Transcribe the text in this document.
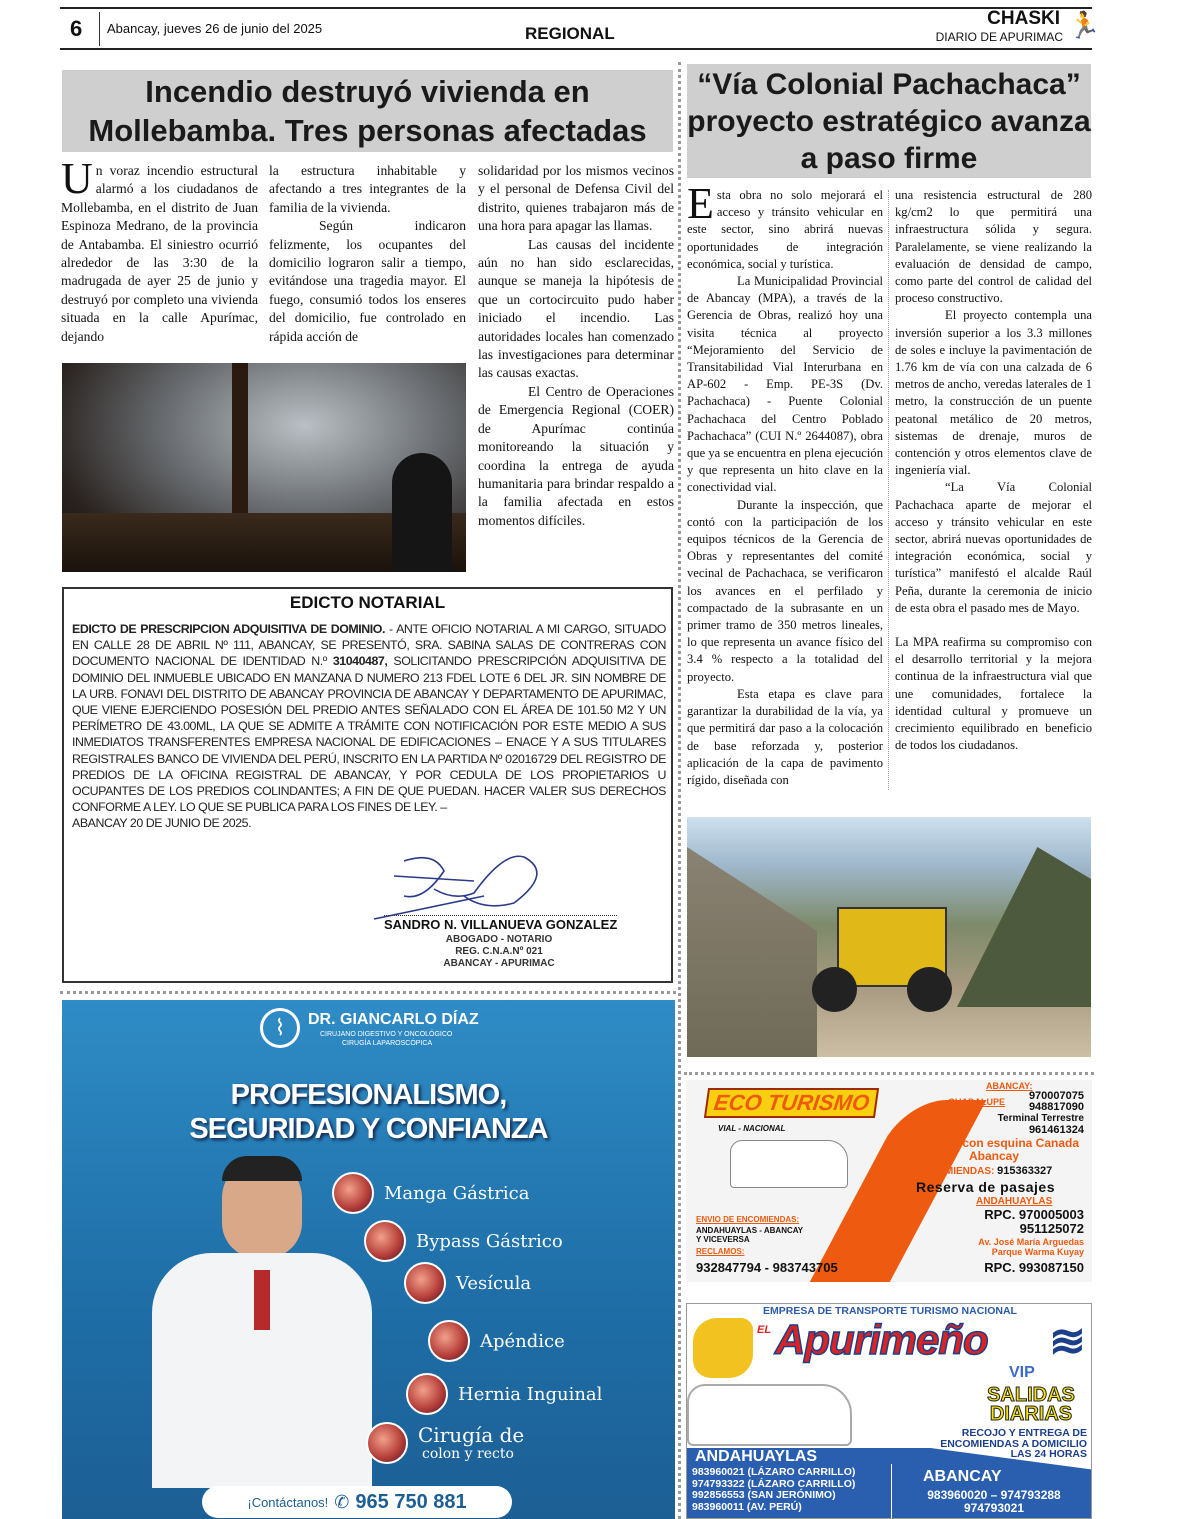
6 Abancay, jueves 26 de junio del 2025	REGIONAL
CHASKI
DIARIO DE APURIMAC 🏃
Incendio destruyó vivienda en Mollebamba. Tres personas afectadas

Un voraz incendio estructural alarmó a los ciudadanos de Mollebamba, en el distrito de Juan Espinoza Medrano, de la provincia de Antabamba. El siniestro ocurrió alrededor de las 3:30 de la madrugada de ayer 25 de junio y destruyó por completo una vivienda situada en la calle Apurímac, dejando

la estructura inhabitable y afectando a tres integrantes de la familia de la vivienda.

Según indicaron felizmente, los ocupantes del domicilio lograron salir a tiempo, evitándose una tragedia mayor. El fuego, consumió todos los enseres del domicilio, fue controlado en rápida acción de

solidaridad por los mismos vecinos y el personal de Defensa Civil del distrito, quienes trabajaron más de una hora para apagar las llamas.

Las causas del incidente aún no han sido esclarecidas, aunque se maneja la hipótesis de que un cortocircuito pudo haber iniciado el incendio. Las autoridades locales han comenzado las investigaciones para determinar las causas exactas.

El Centro de Operaciones de Emergencia Regional (COER) de Apurímac continúa monitoreando la situación y coordina la entrega de ayuda humanitaria para brindar respaldo a la familia afectada en estos momentos difíciles.

EDICTO NOTARIAL
EDICTO DE PRESCRIPCION ADQUISITIVA DE DOMINIO. - ANTE OFICIO NOTARIAL A MI CARGO, SITUADO EN CALLE 28 DE ABRIL Nº 111, ABANCAY, SE PRESENTÓ, SRA. SABINA SALAS DE CONTRERAS CON DOCUMENTO NACIONAL DE IDENTIDAD N.º 31040487, SOLICITANDO PRESCRIPCIÓN ADQUISITIVA DE DOMINIO DEL INMUEBLE UBICADO EN MANZANA D NUMERO 213 FDEL LOTE 6 DEL JR. SIN NOMBRE DE LA URB. FONAVI DEL DISTRITO DE ABANCAY PROVINCIA DE ABANCAY Y DEPARTAMENTO DE APURIMAC, QUE VIENE EJERCIENDO POSESIÓN DEL PREDIO ANTES SEÑALADO CON EL ÁREA DE 101.50 M2 Y UN PERÍMETRO DE 43.00ML, LA QUE SE ADMITE A TRÁMITE CON NOTIFICACIÓN POR ESTE MEDIO A SUS INMEDIATOS TRANSFERENTES EMPRESA NACIONAL DE EDIFICACIONES – ENACE Y A SUS TITULARES REGISTRALES BANCO DE VIVIENDA DEL PERÚ, INSCRITO EN LA PARTIDA Nº 02016729 DEL REGISTRO DE PREDIOS DE LA OFICINA REGISTRAL DE ABANCAY, Y POR CEDULA DE LOS PROPIETARIOS U OCUPANTES DE LOS PREDIOS COLINDANTES; A FIN DE QUE PUEDAN. HACER VALER SUS DERECHOS CONFORME A LEY. LO QUE SE PUBLICA PARA LOS FINES DE LEY. –
ABANCAY 20 DE JUNIO DE 2025.
SANDRO N. VILLANUEVA GONZALEZ
ABOGADO - NOTARIO
REG. C.N.A.Nº 021
ABANCAY - APURIMAC
⌇	DR. GIANCARLO DÍAZ
CIRUJANO DIGESTIVO Y ONCOLÓGICO
CIRUGÍA LAPAROSCÓPICA
PROFESIONALISMO,
SEGURIDAD Y CONFIANZA
Manga Gástrica
Bypass Gástrico
Vesícula
Apéndice
Hernia Inguinal
Cirugía de
colon y recto
¡Contáctanos! ✆ 965 750 881
“Vía Colonial Pachachaca” proyecto estratégico avanza a paso firme

Esta obra no solo mejorará el acceso y tránsito vehicular en este sector, sino abrirá nuevas oportunidades de integración económica, social y turística.

La Municipalidad Provincial de Abancay (MPA), a través de la Gerencia de Obras, realizó hoy una visita técnica al proyecto “Mejoramiento del Servicio de Transitabilidad Vial Interurbana en AP-602 - Emp. PE-3S (Dv. Pachachaca) - Puente Colonial Pachachaca del Centro Poblado Pachachaca” (CUI N.º 2644087), obra que ya se encuentra en plena ejecución y que representa un hito clave en la conectividad vial.

Durante la inspección, que contó con la participación de los equipos técnicos de la Gerencia de Obras y representantes del comité vecinal de Pachachaca, se verificaron los avances en el perfilado y compactado de la subrasante en un primer tramo de 350 metros lineales, lo que representa un avance físico del 3.4 % respecto a la totalidad del proyecto.

Esta etapa es clave para garantizar la durabilidad de la vía, ya que permitirá dar paso a la colocación de base reforzada y, posterior aplicación de la capa de pavimento rígido, diseñada con

una resistencia estructural de 280 kg/cm2 lo que permitirá una infraestructura sólida y segura. Paralelamente, se viene realizando la evaluación de densidad de campo, como parte del control de calidad del proceso constructivo.

El proyecto contempla una inversión superior a los 3.3 millones de soles e incluye la pavimentación de 1.76 km de vía con una calzada de 6 metros de ancho, veredas laterales de 1 metro, la construcción de un puente peatonal metálico de 20 metros, sistemas de drenaje, muros de contención y otros elementos clave de ingeniería vial.

“La Vía Colonial Pachachaca aparte de mejorar el acceso y tránsito vehicular en este sector, abrirá nuevas oportunidades de integración económica, social y turística” manifestó el alcalde Raúl Peña, durante la ceremonia de inicio de esta obra el pasado mes de Mayo.

La MPA reafirma su compromiso con el desarrollo territorial y la mejora continua de la infraestructura vial que une comunidades, fortalece la identidad cultural y promueve un crecimiento equilibrado en beneficio de todos los ciudadanos.

ECO TURISMO
VIAL - NACIONAL
ABANCAY:
GUADALUPE	970007075
948817090
Terminal Terrestre
961461324
Av. Chile con esquina Canada
Abancay
ENCOMIENDAS: 915363327
Reserva de pasajes
ANDAHUAYLAS
RPC. 970005003
951125072
Av. José María Arguedas
Parque Warma Kuyay
RPC. 993087150
ENVIO DE ENCOMIENDAS:
ANDAHUAYLAS - ABANCAY
Y VICEVERSA
RECLAMOS:
932847794 - 983743705
EMPRESA DE TRANSPORTE TURISMO NACIONAL
EL Apurimeño
VIP
≋
SALIDAS
DIARIAS
RECOJO Y ENTREGA DE
ENCOMIENDAS A DOMICILIO
LAS 24 HORAS
ANDAHUAYLAS
983960021 (LÁZARO CARRILLO)
974793322 (LÁZARO CARRILLO)
992856553 (SAN JERÓNIMO)
983960011 (AV. PERÚ)
ABANCAY
983960020 – 974793288
974793021
